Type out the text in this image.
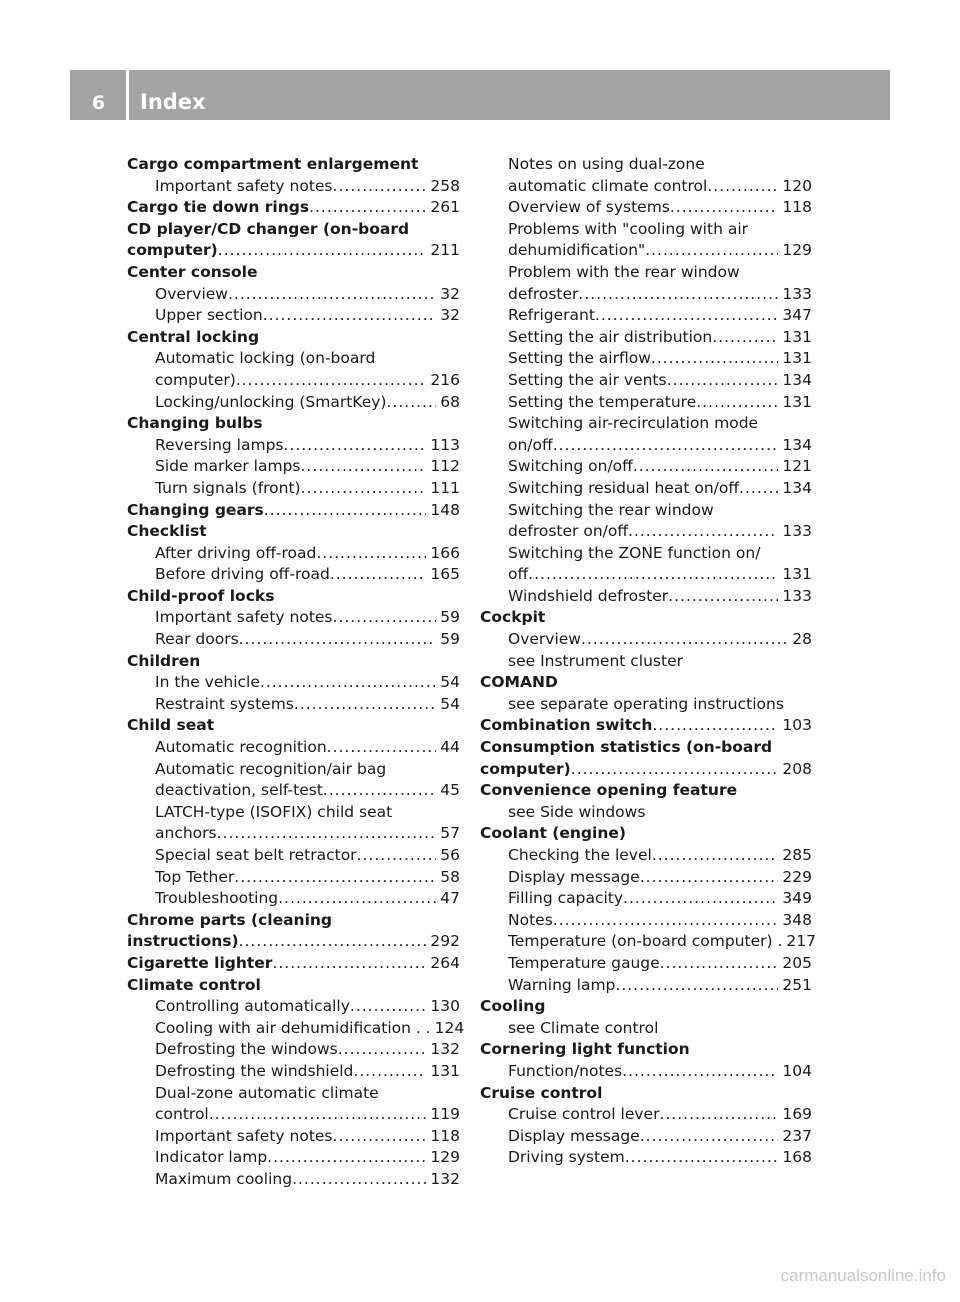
6	Index
Cargo compartment enlargement
Important safety notes .....	258
Cargo tie down rings .....	261
CD player/CD changer (on-board
computer) .....	211
Center console
Overview .....	32
Upper section .....	32
Central locking
Automatic locking (on-board
computer) .....	216
Locking/unlocking (SmartKey) .....	68
Changing bulbs
Reversing lamps .....	113
Side marker lamps .....	112
Turn signals (front) .....	111
Changing gears .....	148
Checklist
After driving off-road .....	166
Before driving off-road .....	165
Child-proof locks
Important safety notes .....	59
Rear doors .....	59
Children
In the vehicle .....	54
Restraint systems .....	54
Child seat
Automatic recognition .....	44
Automatic recognition/air bag
deactivation, self-test .....	45
LATCH-type (ISOFIX) child seat
anchors .....	57
Special seat belt retractor .....	56
Top Tether .....	58
Troubleshooting .....	47
Chrome parts (cleaning
instructions) .....	292
Cigarette lighter .....	264
Climate control
Controlling automatically .....	130
Cooling with air dehumidification . . 124
Defrosting the windows .....	132
Defrosting the windshield .....	131
Dual-zone automatic climate
control .....	119
Important safety notes .....	118
Indicator lamp .....	129
Maximum cooling .....	132
Notes on using dual-zone
automatic climate control .....	120
Overview of systems .....	118
Problems with "cooling with air
dehumidification" .....	129
Problem with the rear window
defroster .....	133
Refrigerant .....	347
Setting the air distribution .....	131
Setting the airflow .....	131
Setting the air vents .....	134
Setting the temperature .....	131
Switching air-recirculation mode
on/off .....	134
Switching on/off .....	121
Switching residual heat on/off .....	134
Switching the rear window
defroster on/off .....	133
Switching the ZONE function on/
off .....	131
Windshield defroster .....	133
Cockpit
Overview .....	28
see Instrument cluster
COMAND
see separate operating instructions
Combination switch .....	103
Consumption statistics (on-board
computer) .....	208
Convenience opening feature
see Side windows
Coolant (engine)
Checking the level .....	285
Display message .....	229
Filling capacity .....	349
Notes .....	348
Temperature (on-board computer) . 217
Temperature gauge .....	205
Warning lamp .....	251
Cooling
see Climate control
Cornering light function
Function/notes .....	104
Cruise control
Cruise control lever .....	169
Display message .....	237
Driving system .....	168
carmanualsonline.info
